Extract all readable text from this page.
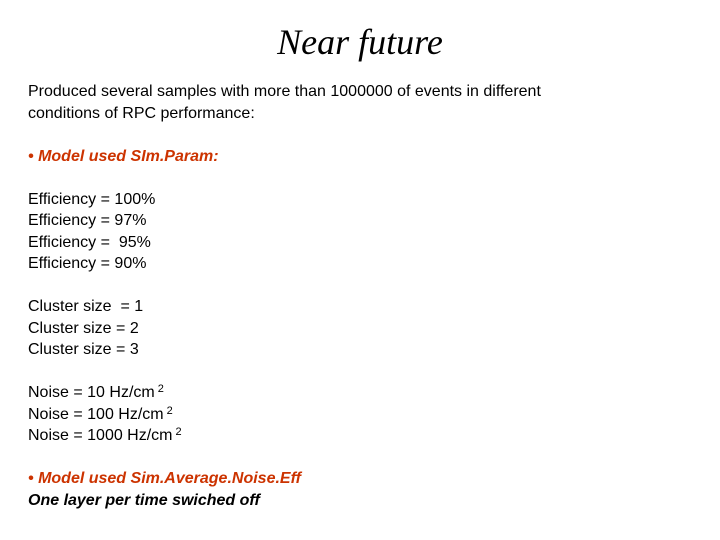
Near future
Produced several samples with more than 1000000 of events in different
conditions of RPC performance:
• Model used SIm.Param:
Efficiency = 100%
Efficiency = 97%
Efficiency =  95%
Efficiency = 90%
Cluster size  = 1
Cluster size = 2
Cluster size = 3
Noise = 10 Hz/cm $^2$
Noise = 100 Hz/cm $^2$
Noise = 1000 Hz/cm $^2$
• Model used Sim.Average.Noise.Eff
One layer per time swiched off
